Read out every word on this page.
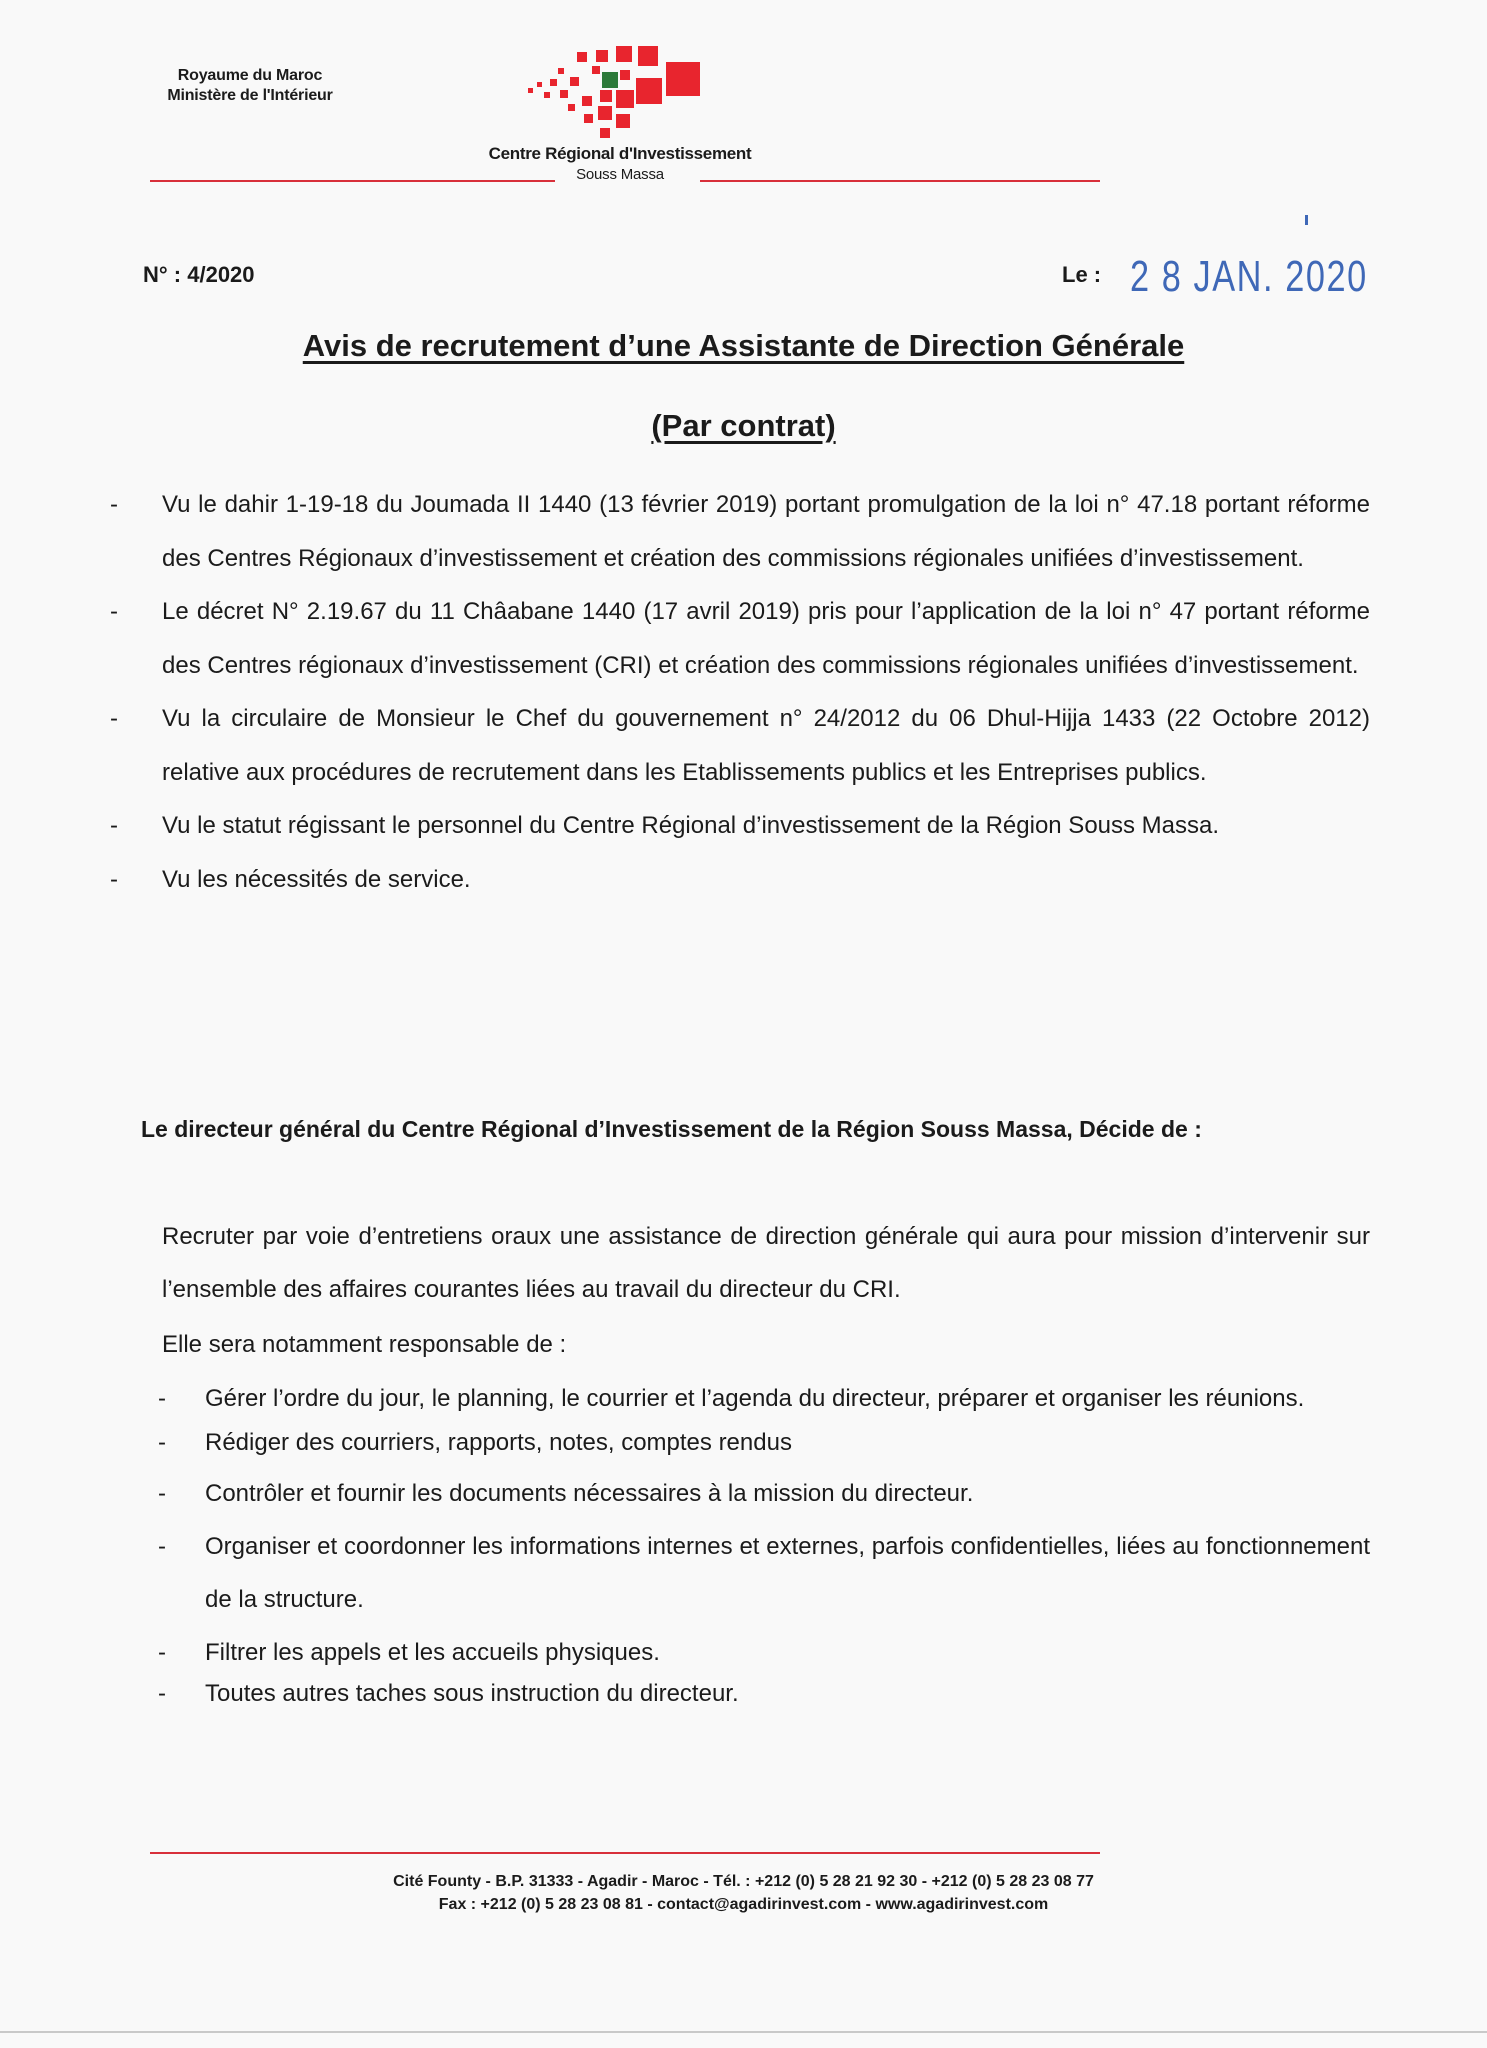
Royaume du Maroc
Ministère de l'Intérieur
Centre Régional d'Investissement
Souss Massa
N° : 4/2020	Le : 2 8 JAN. 2020
Avis de recrutement d’une Assistante de Direction Générale
(Par contrat)
- Vu le dahir 1-19-18 du Joumada II 1440 (13 février 2019) portant promulgation de la loi n° 47.18 portant réforme des Centres Régionaux d’investissement et création des commissions régionales unifiées d’investissement.
- Le décret N° 2.19.67 du 11 Châabane 1440 (17 avril 2019) pris pour l’application de la loi n° 47 portant réforme des Centres régionaux d’investissement (CRI) et création des commissions régionales unifiées d’investissement.
- Vu la circulaire de Monsieur le Chef du gouvernement n° 24/2012 du 06 Dhul-Hijja 1433 (22 Octobre 2012) relative aux procédures de recrutement dans les Etablissements publics et les Entreprises publics.
- Vu le statut régissant le personnel du Centre Régional d’investissement de la Région Souss Massa.
- Vu les nécessités de service.
Le directeur général du Centre Régional d’Investissement de la Région Souss Massa, Décide de :
Recruter par voie d’entretiens oraux une assistance de direction générale qui aura pour mission d’intervenir sur l’ensemble des affaires courantes liées au travail du directeur du CRI.
Elle sera notamment responsable de :
- Gérer l’ordre du jour, le planning, le courrier et l’agenda du directeur, préparer et organiser les réunions.
- Rédiger des courriers, rapports, notes, comptes rendus
- Contrôler et fournir les documents nécessaires à la mission du directeur.
- Organiser et coordonner les informations internes et externes, parfois confidentielles, liées au fonctionnement de la structure.
- Filtrer les appels et les accueils physiques.
- Toutes autres taches sous instruction du directeur.
Cité Founty - B.P. 31333 - Agadir - Maroc - Tél. : +212 (0) 5 28 21 92 30 - +212 (0) 5 28 23 08 77
Fax : +212 (0) 5 28 23 08 81 - contact@agadirinvest.com - www.agadirinvest.com
